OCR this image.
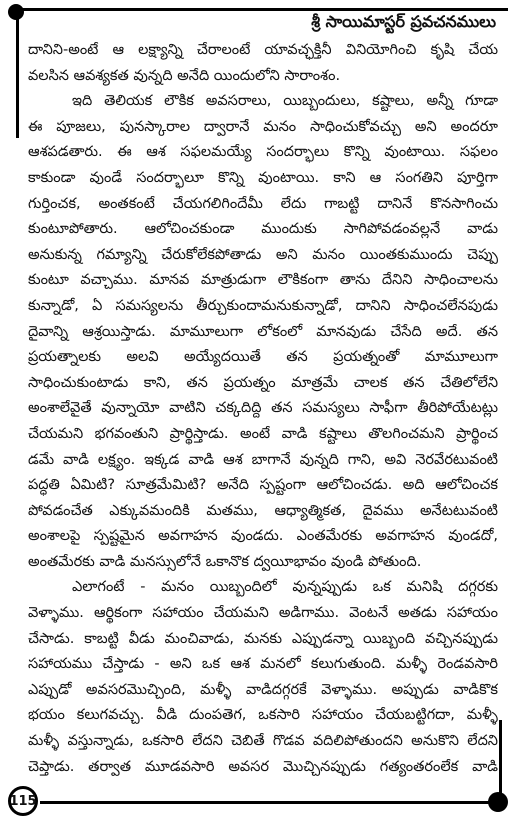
శ్రీ సాయిమాస్టర్ ప్రవచనములు
దానిని-అంటే ఆ లక్ష్యాన్ని చేరాలంటే యావచ్ఛక్తినీ వినియోగించి కృషి చేయ
వలసిన ఆవశ్యకత వున్నది అనేది యిందులోని సారాంశం.
ఇది తెలియక లౌకిక అవసరాలు, యిబ్బందులు, కష్టాలు, అన్నీ గూడా
ఈ పూజలు, పునస్కారాల ద్వారానే మనం సాధించుకోవచ్చు అని అందరూ
ఆశపడతారు. ఈ ఆశ సఫలమయ్యే సందర్భాలు కొన్ని వుంటాయి. సఫలం
కాకుండా వుండే సందర్భాలూ కొన్ని వుంటాయి. కాని ఆ సంగతిని పూర్తిగా
గుర్తించక, అంతకంటే చేయగలిగిందేమీ లేదు గాబట్టి దానినే కొనసాగించు
కుంటూపోతారు. ఆలోచించకుండా ముందుకు సాగిపోవడంవల్లనే వాడు
అనుకున్న గమ్యాన్ని చేరుకోలేకపోతాడు అని మనం యింతకుముందు చెప్పు
కుంటూ వచ్చాము. మానవ మాత్రుడుగా లౌకికంగా తాను దేనిని సాధించాలను
కున్నాడో, ఏ సమస్యలను తీర్చుకుందామనుకున్నాడో, దానిని సాధించలేనపుడు
దైవాన్ని ఆశ్రయిస్తాడు. మామూలుగా లోకంలో మానవుడు చేసేది అదే. తన
ప్రయత్నాలకు అలవి అయ్యేదయితే తన ప్రయత్నంతో మామూలుగా
సాధించుకుంటాడు కాని, తన ప్రయత్నం మాత్రమే చాలక తన చేతిలోలేని
అంశాలేవైతే వున్నాయో వాటిని చక్కదిద్ది తన సమస్యలు సాఫీగా తీరిపోయేటట్లు
చేయమని భగవంతుని ప్రార్థిస్తాడు. అంటే వాడి కష్టాలు తొలగించమని ప్రార్థించ
డమే వాడి లక్ష్యం. ఇక్కడ వాడి ఆశ బాగానే వున్నది గాని, అవి నెరవేరటువంటి
పద్ధతి ఏమిటి? సూత్రమేమిటి? అనేది స్పష్టంగా ఆలోచించడు. అది ఆలోచించక
పోవడంచేత ఎక్కువమందికి మతము, ఆధ్యాత్మికత, దైవము అనేటటువంటి
అంశాలపై స్పష్టమైన అవగాహన వుండదు. ఎంతమేరకు అవగాహన వుండదో,
అంతమేరకు వాడి మనస్సులోనే ఒకానొక ద్వయీభావం వుండి పోతుంది.
ఎలాగంటే - మనం యిబ్బందిలో వున్నప్పుడు ఒక మనిషి దగ్గరకు
వెళ్ళాము. ఆర్థికంగా సహాయం చేయమని అడిగాము. వెంటనే అతడు సహాయం
చేసాడు. కాబట్టి వీడు మంచివాడు, మనకు ఎప్పుడన్నా యిబ్బంది వచ్చినప్పుడు
సహాయము చేస్తాడు - అని ఒక ఆశ మనలో కలుగుతుంది. మళ్ళీ రెండవసారి
ఎప్పుడో అవసరమొచ్చింది, మళ్ళీ వాడిదగ్గరకే వెళ్ళాము. అప్పుడు వాడికొక
భయం కలుగవచ్చు. వీడి దుంపతెగ, ఒకసారి సహాయం చేయబట్టిగదా, మళ్ళీ
మళ్ళీ వస్తున్నాడు, ఒకసారి లేదని చెబితే గొడవ వదిలిపోతుందని అనుకొని లేదని
చెప్తాడు. తర్వాత మూడవసారి అవసర మొచ్చినప్పుడు గత్యంతరంలేక వాడి
115
